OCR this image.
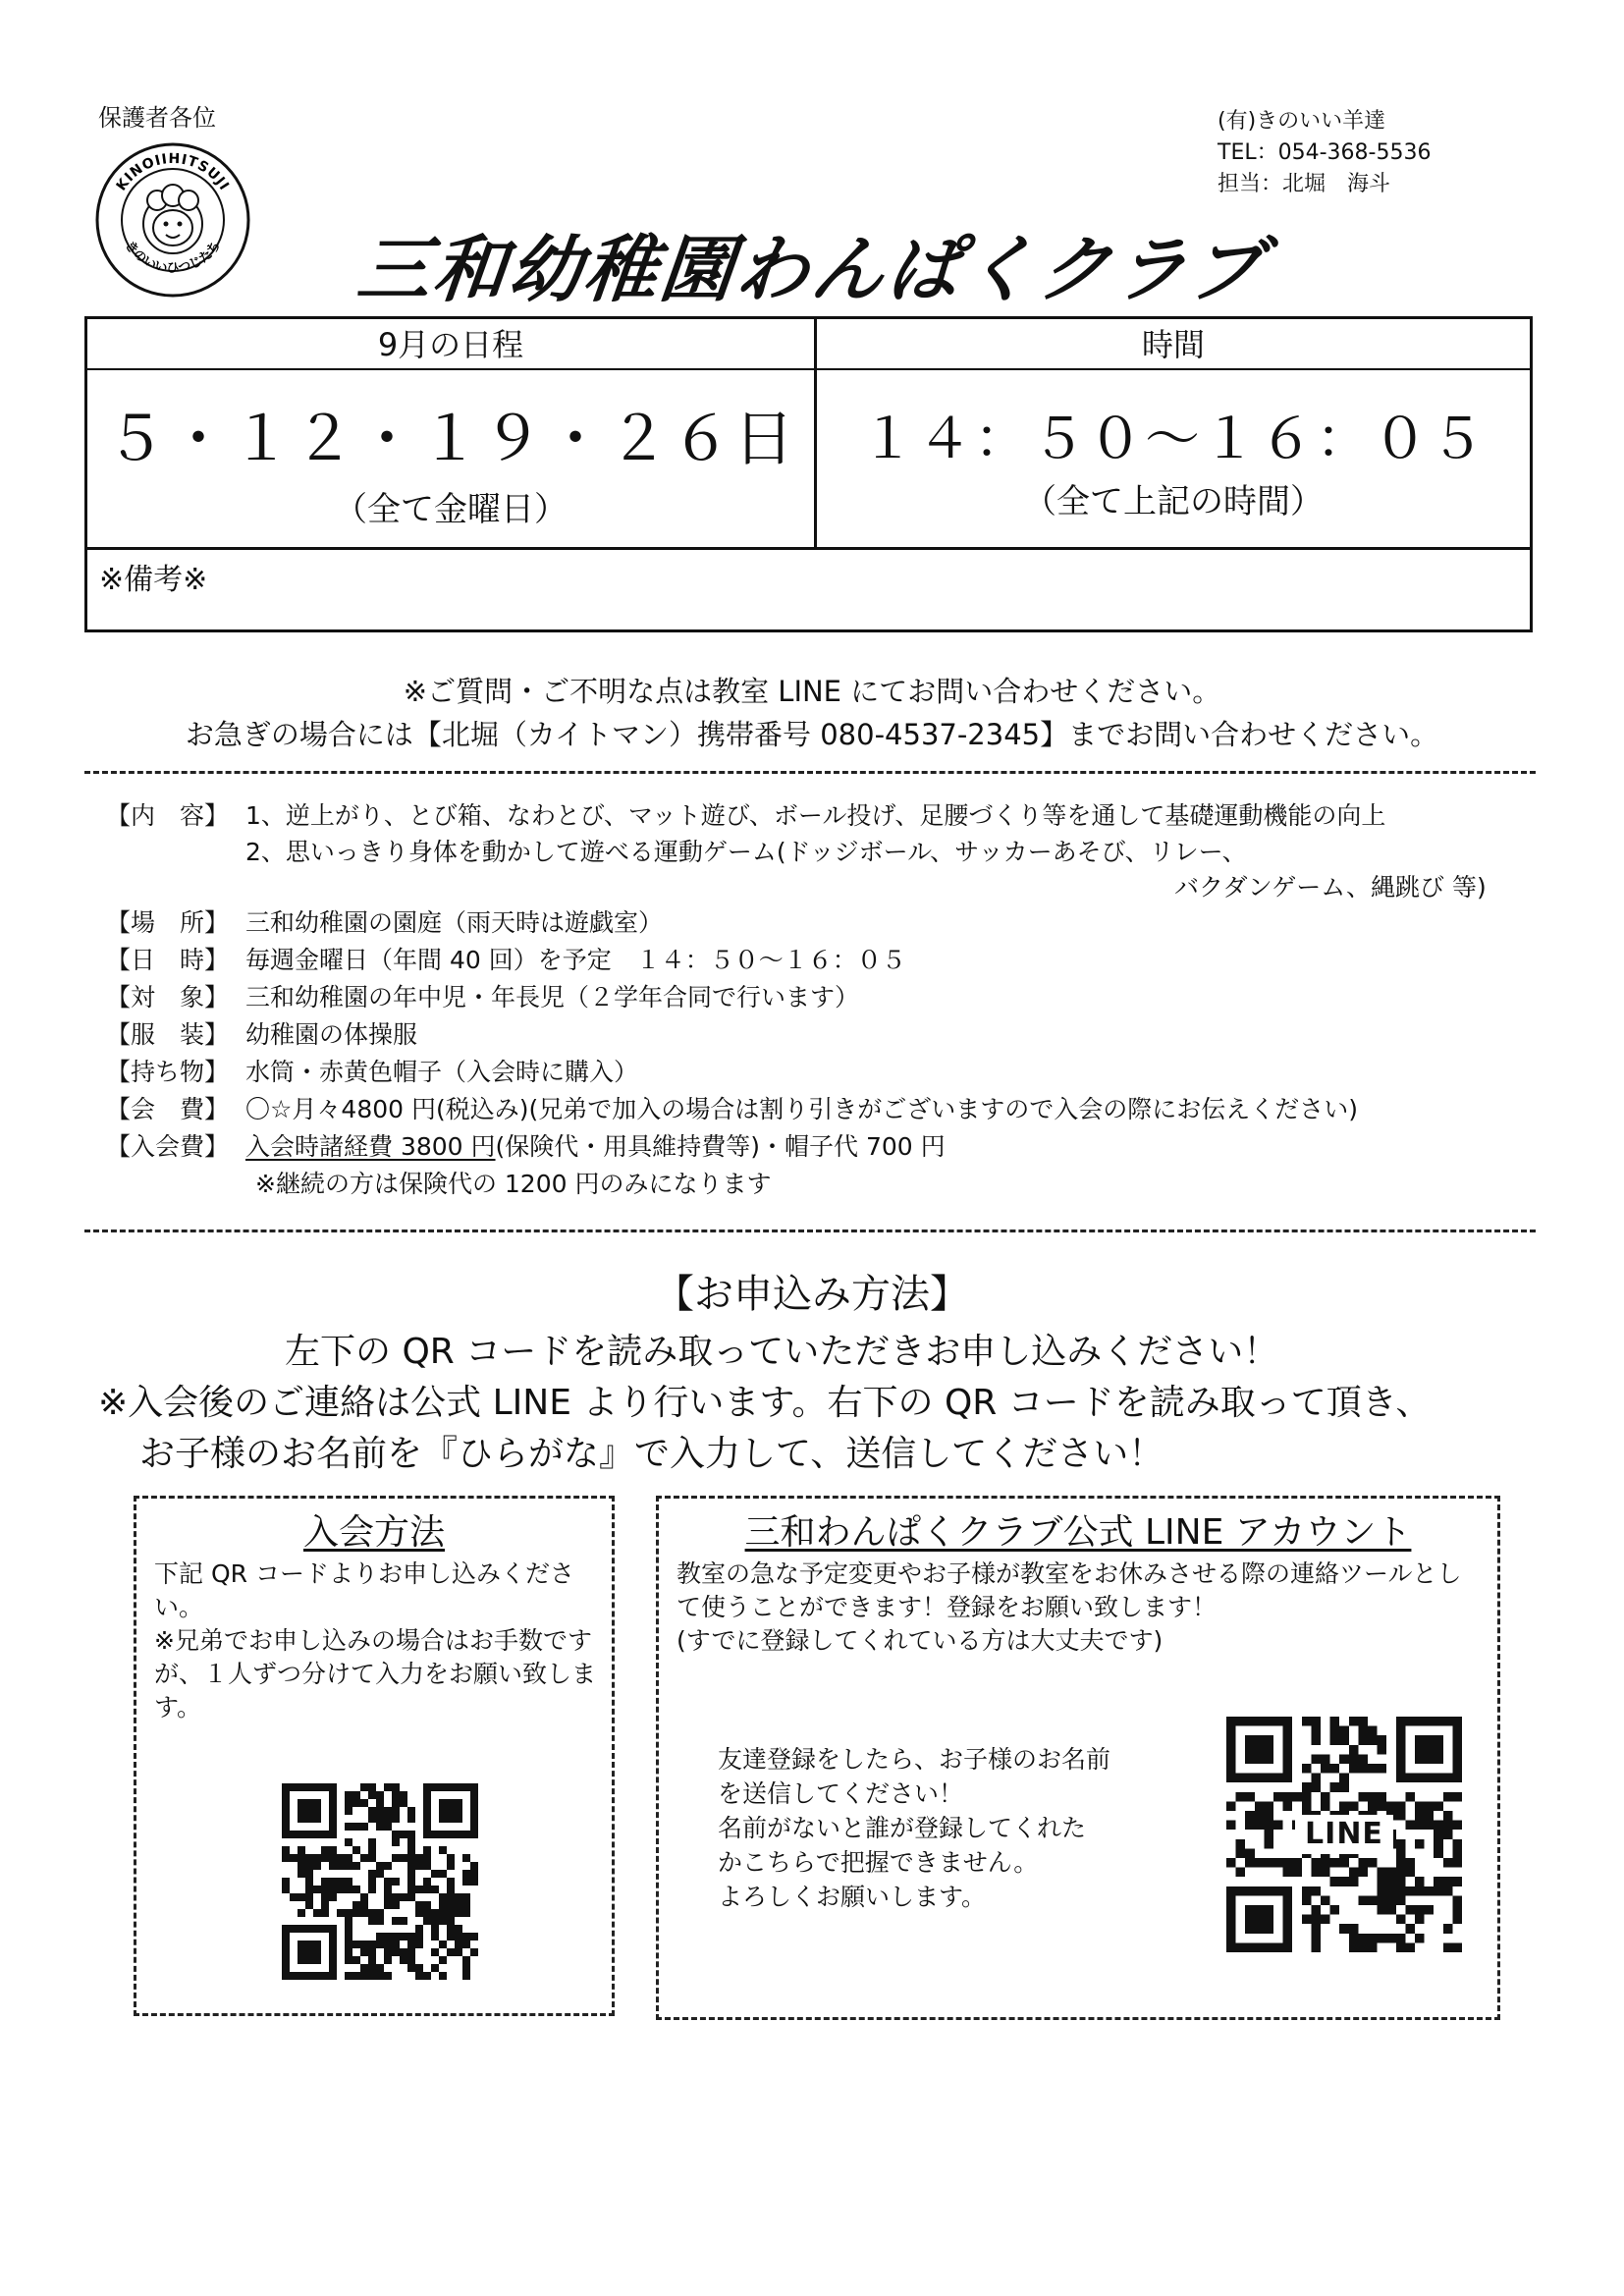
保護者各位
KINOIIHITSUJI
きのいいひつじたち
(有)きのいい羊達
TEL：054-368-5536
担当：北堀　海斗
三和幼稚園わんぱくクラブ
9月の日程	時間
５・１２・１９・２６日
（全て金曜日）
１４：５０〜１６：０５
（全て上記の時間）
※備考※
※ご質問・ご不明な点は教室 LINE にてお問い合わせください。
お急ぎの場合には【北堀（カイトマン）携帯番号 080-4537-2345】までお問い合わせください。
【内　容】 1、逆上がり、とび箱、なわとび、マット遊び、ボール投げ、足腰づくり等を通して基礎運動機能の向上
2、思いっきり身体を動かして遊べる運動ゲーム(ドッジボール、サッカーあそび、リレー、
バクダンゲーム、縄跳び 等)
【場　所】 三和幼稚園の園庭（雨天時は遊戯室）
【日　時】 毎週金曜日（年間 40 回）を予定　１４：５０〜１６：０５
【対　象】 三和幼稚園の年中児・年長児（２学年合同で行います）
【服　装】 幼稚園の体操服
【持ち物】 水筒・赤黄色帽子（入会時に購入）
【会　費】 〇☆月々4800 円(税込み)(兄弟で加入の場合は割り引きがございますので入会の際にお伝えください)
【入会費】 入会時諸経費 3800 円(保険代・用具維持費等)・帽子代 700 円
※継続の方は保険代の 1200 円のみになります
【お申込み方法】
左下の QR コードを読み取っていただきお申し込みください！
※入会後のご連絡は公式 LINE より行います。右下の QR コードを読み取って頂き、
お子様のお名前を『ひらがな』で入力して、送信してください！
入会方法
下記 QR コードよりお申し込みください。
※兄弟でお申し込みの場合はお手数ですが、１人ずつ分けて入力をお願い致します。
三和わんぱくクラブ公式 LINE アカウント
教室の急な予定変更やお子様が教室をお休みさせる際の連絡ツールとして使うことができます！登録をお願い致します！
(すでに登録してくれている方は大丈夫です)
友達登録をしたら、お子様のお名前
を送信してください！
名前がないと誰が登録してくれた
かこちらで把握できません。
よろしくお願いします。
LINE
